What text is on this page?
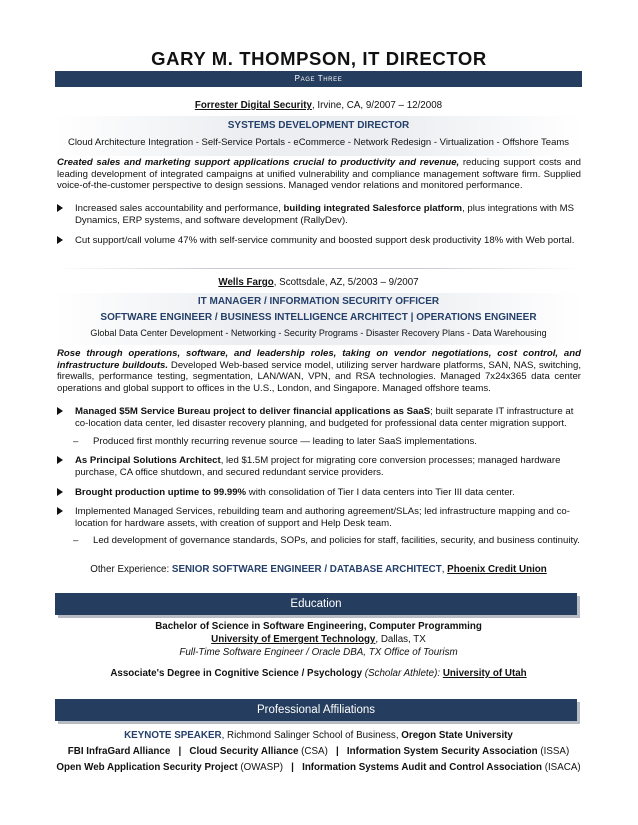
GARY M. THOMPSON, IT DIRECTOR
Page Three
Forrester Digital Security, Irvine, CA, 9/2007 – 12/2008
SYSTEMS DEVELOPMENT DIRECTOR
Cloud Architecture Integration - Self-Service Portals - eCommerce - Network Redesign - Virtualization - Offshore Teams
Created sales and marketing support applications crucial to productivity and revenue, reducing support costs and leading development of integrated campaigns at unified vulnerability and compliance management software firm. Supplied voice-of-the-customer perspective to design sessions. Managed vendor relations and monitored performance.
Increased sales accountability and performance, building integrated Salesforce platform, plus integrations with MS Dynamics, ERP systems, and software development (RallyDev).
Cut support/call volume 47% with self-service community and boosted support desk productivity 18% with Web portal.
Wells Fargo, Scottsdale, AZ, 5/2003 – 9/2007
IT MANAGER / INFORMATION SECURITY OFFICER
SOFTWARE ENGINEER / BUSINESS INTELLIGENCE ARCHITECT | OPERATIONS ENGINEER
Global Data Center Development - Networking - Security Programs - Disaster Recovery Plans - Data Warehousing
Rose through operations, software, and leadership roles, taking on vendor negotiations, cost control, and infrastructure buildouts. Developed Web-based service model, utilizing server hardware platforms, SAN, NAS, switching, firewalls, performance testing, segmentation, LAN/WAN, VPN, and RSA technologies. Managed 7x24x365 data center operations and global support to offices in the U.S., London, and Singapore. Managed offshore teams.
Managed $5M Service Bureau project to deliver financial applications as SaaS; built separate IT infrastructure at co-location data center, led disaster recovery planning, and budgeted for professional data center migration support.
– Produced first monthly recurring revenue source — leading to later SaaS implementations.
As Principal Solutions Architect, led $1.5M project for migrating core conversion processes; managed hardware purchase, CA office shutdown, and secured redundant service providers.
Brought production uptime to 99.99% with consolidation of Tier I data centers into Tier III data center.
Implemented Managed Services, rebuilding team and authoring agreement/SLAs; led infrastructure mapping and co-location for hardware assets, with creation of support and Help Desk team.
– Led development of governance standards, SOPs, and policies for staff, facilities, security, and business continuity.
Other Experience: SENIOR SOFTWARE ENGINEER / DATABASE ARCHITECT, Phoenix Credit Union
Education
Bachelor of Science in Software Engineering, Computer Programming
University of Emergent Technology, Dallas, TX
Full-Time Software Engineer / Oracle DBA, TX Office of Tourism
Associate's Degree in Cognitive Science / Psychology (Scholar Athlete): University of Utah
Professional Affiliations
KEYNOTE SPEAKER, Richmond Salinger School of Business, Oregon State University
FBI InfraGard Alliance   |   Cloud Security Alliance (CSA)   |   Information System Security Association (ISSA)
Open Web Application Security Project (OWASP)   |   Information Systems Audit and Control Association (ISACA)
